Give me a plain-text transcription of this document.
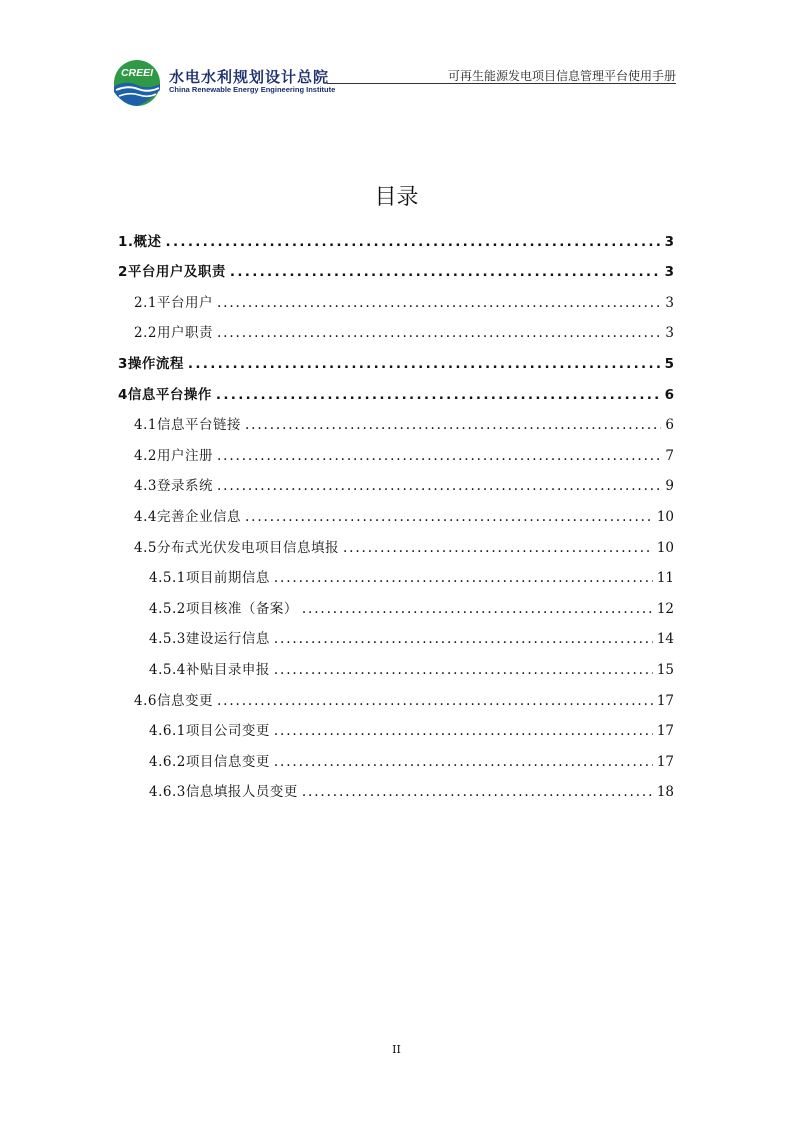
CREEI 水电水利规划设计总院
China Renewable Energy Engineering Institute
可再生能源发电项目信息管理平台使用手册
目录
1.概述 . . .	3
2平台用户及职责 . . .	3
2.1平台用户 . . .	3
2.2用户职责 . . .	3
3操作流程 . . .	5
4信息平台操作 . . .	6
4.1信息平台链接 . . .	6
4.2用户注册 . . .	7
4.3登录系统 . . .	9
4.4完善企业信息 . . .	10
4.5分布式光伏发电项目信息填报 . . .	10
4.5.1项目前期信息 . . .	11
4.5.2项目核准（备案） . . .	12
4.5.3建设运行信息 . . .	14
4.5.4补贴目录申报 . . .	15
4.6信息变更 . . .	17
4.6.1项目公司变更 . . .	17
4.6.2项目信息变更 . . .	17
4.6.3信息填报人员变更 . . .	18
II
